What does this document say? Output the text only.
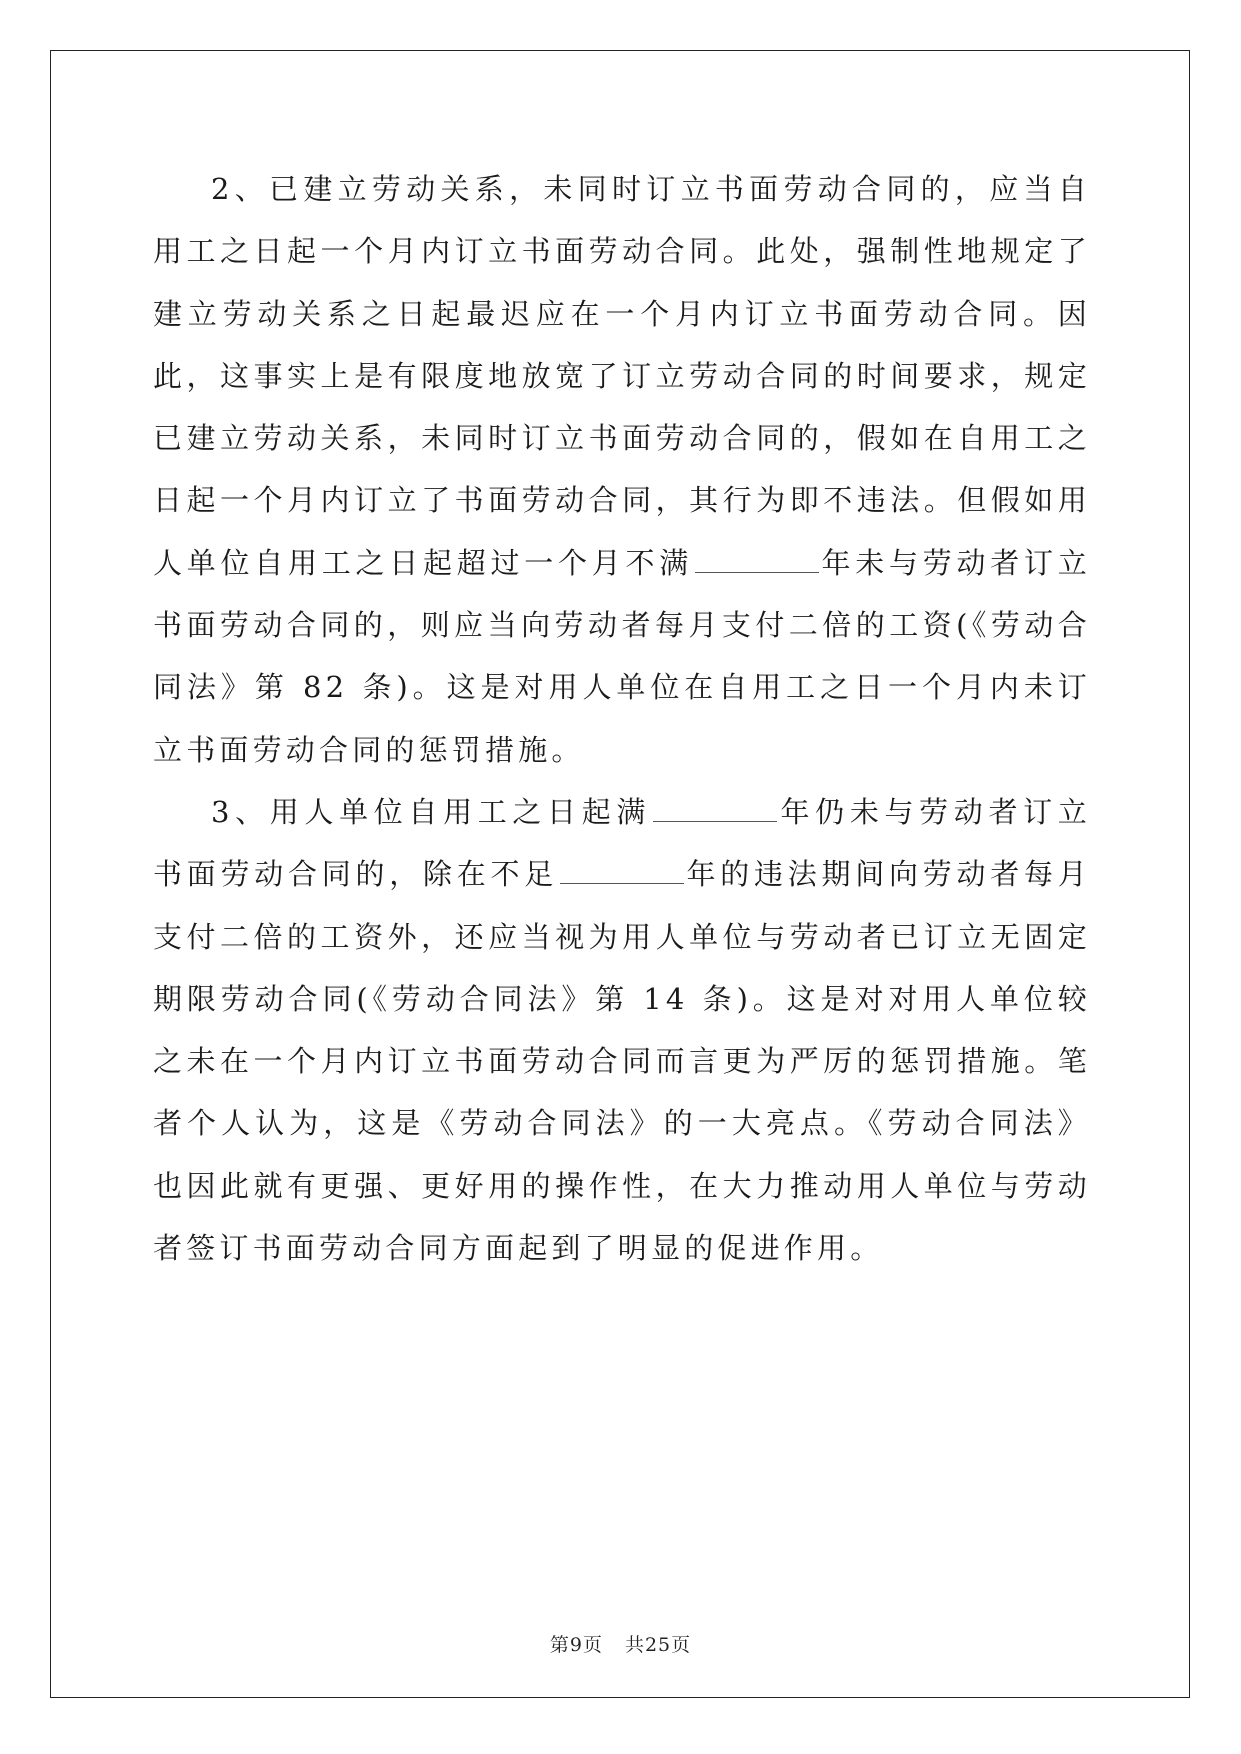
2、已建立劳动关系，未同时订立书面劳动合同的，应当自用工之日起一个月内订立书面劳动合同。此处，强制性地规定了建立劳动关系之日起最迟应在一个月内订立书面劳动合同。因此，这事实上是有限度地放宽了订立劳动合同的时间要求，规定已建立劳动关系，未同时订立书面劳动合同的，假如在自用工之日起一个月内订立了书面劳动合同，其行为即不违法。但假如用人单位自用工之日起超过一个月不满	年未与劳动者订立书面劳动合同的，则应当向劳动者每月支付二倍的工资(《劳动合同法》第 82 条)。这是对用人单位在自用工之日一个月内未订立书面劳动合同的惩罚措施。

3、用人单位自用工之日起满	年仍未与劳动者订立书面劳动合同的，除在不足	年的违法期间向劳动者每月支付二倍的工资外，还应当视为用人单位与劳动者已订立无固定期限劳动合同(《劳动合同法》第 14 条)。这是对对用人单位较之未在一个月内订立书面劳动合同而言更为严厉的惩罚措施。笔者个人认为，这是《劳动合同法》的一大亮点。《劳动合同法》也因此就有更强、更好用的操作性，在大力推动用人单位与劳动者签订书面劳动合同方面起到了明显的促进作用。

第9页 共25页
